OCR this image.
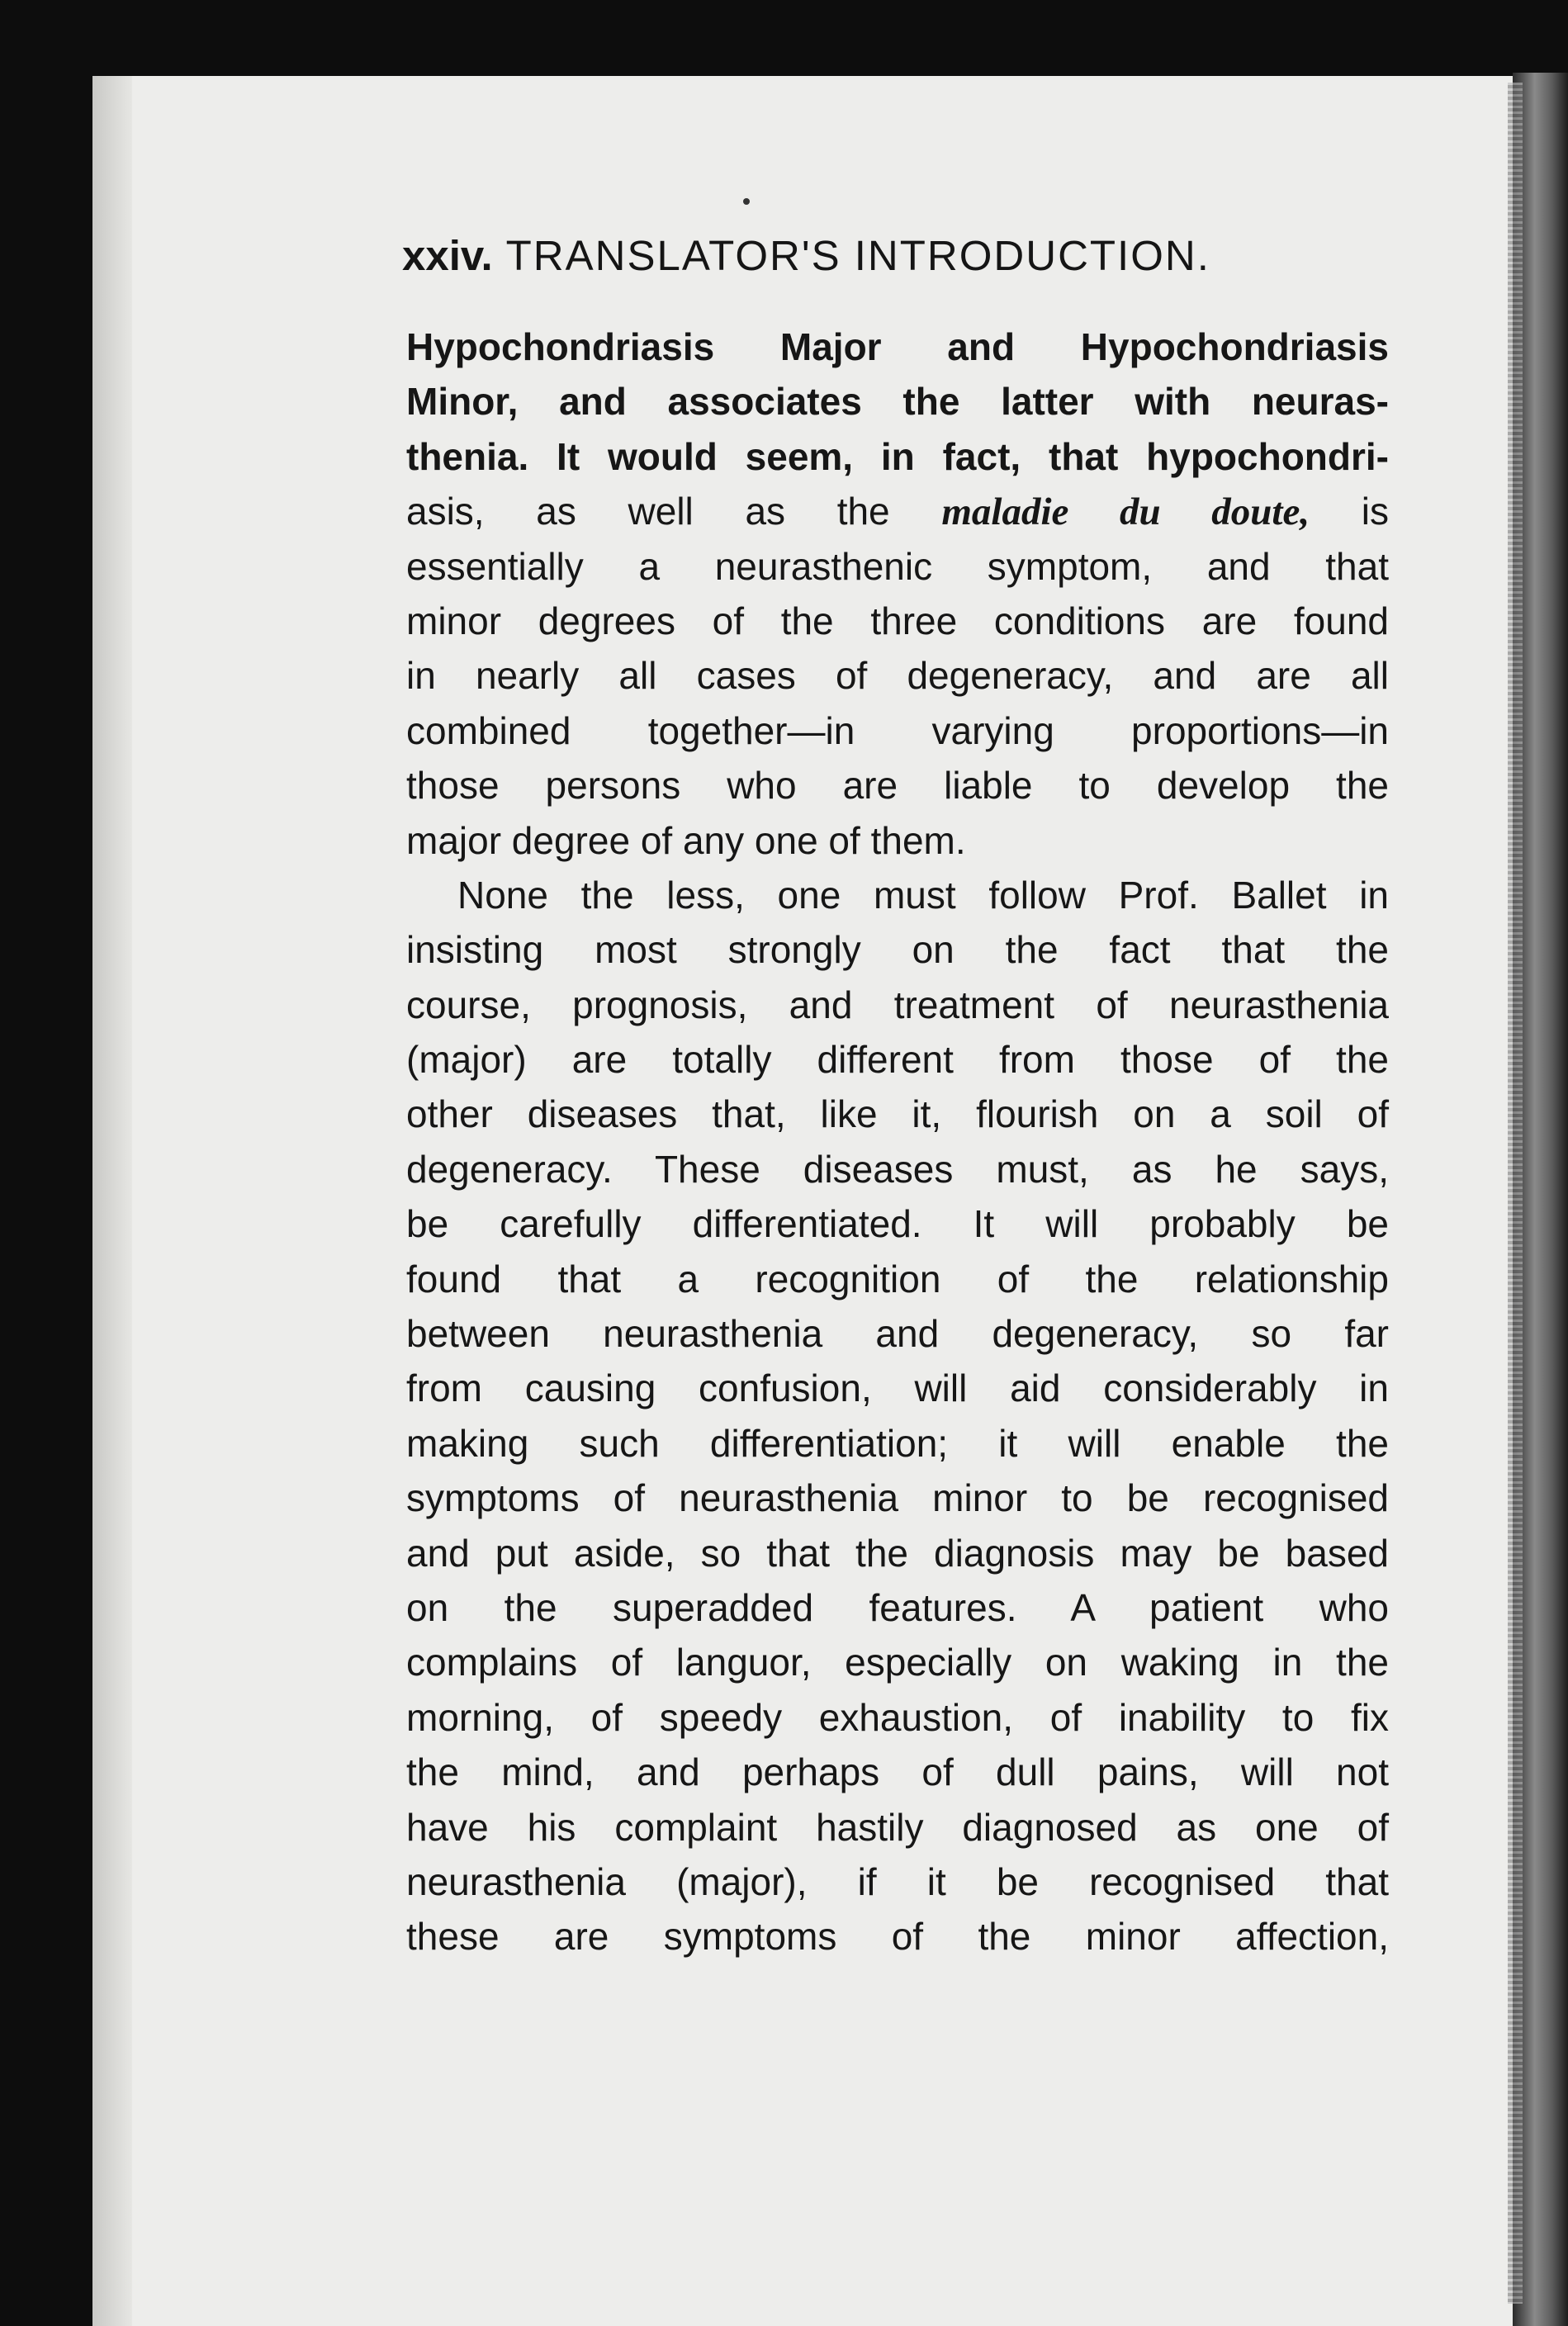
xxiv. TRANSLATOR'S INTRODUCTION.
Hypochondriasis Major and Hypochondriasis
Minor, and associates the latter with neuras-
thenia. It would seem, in fact, that hypochondri-
asis, as well as the maladie du doute, is
essentially a neurasthenic symptom, and that
minor degrees of the three conditions are found
in nearly all cases of degeneracy, and are all
combined together—in varying proportions—in
those persons who are liable to develop the
major degree of any one of them.
None the less, one must follow Prof. Ballet in
insisting most strongly on the fact that the
course, prognosis, and treatment of neurasthenia
(major) are totally different from those of the
other diseases that, like it, flourish on a soil of
degeneracy. These diseases must, as he says,
be carefully differentiated. It will probably be
found that a recognition of the relationship
between neurasthenia and degeneracy, so far
from causing confusion, will aid considerably in
making such differentiation; it will enable the
symptoms of neurasthenia minor to be recognised
and put aside, so that the diagnosis may be based
on the superadded features. A patient who
complains of languor, especially on waking in the
morning, of speedy exhaustion, of inability to fix
the mind, and perhaps of dull pains, will not
have his complaint hastily diagnosed as one of
neurasthenia (major), if it be recognised that
these are symptoms of the minor affection,
